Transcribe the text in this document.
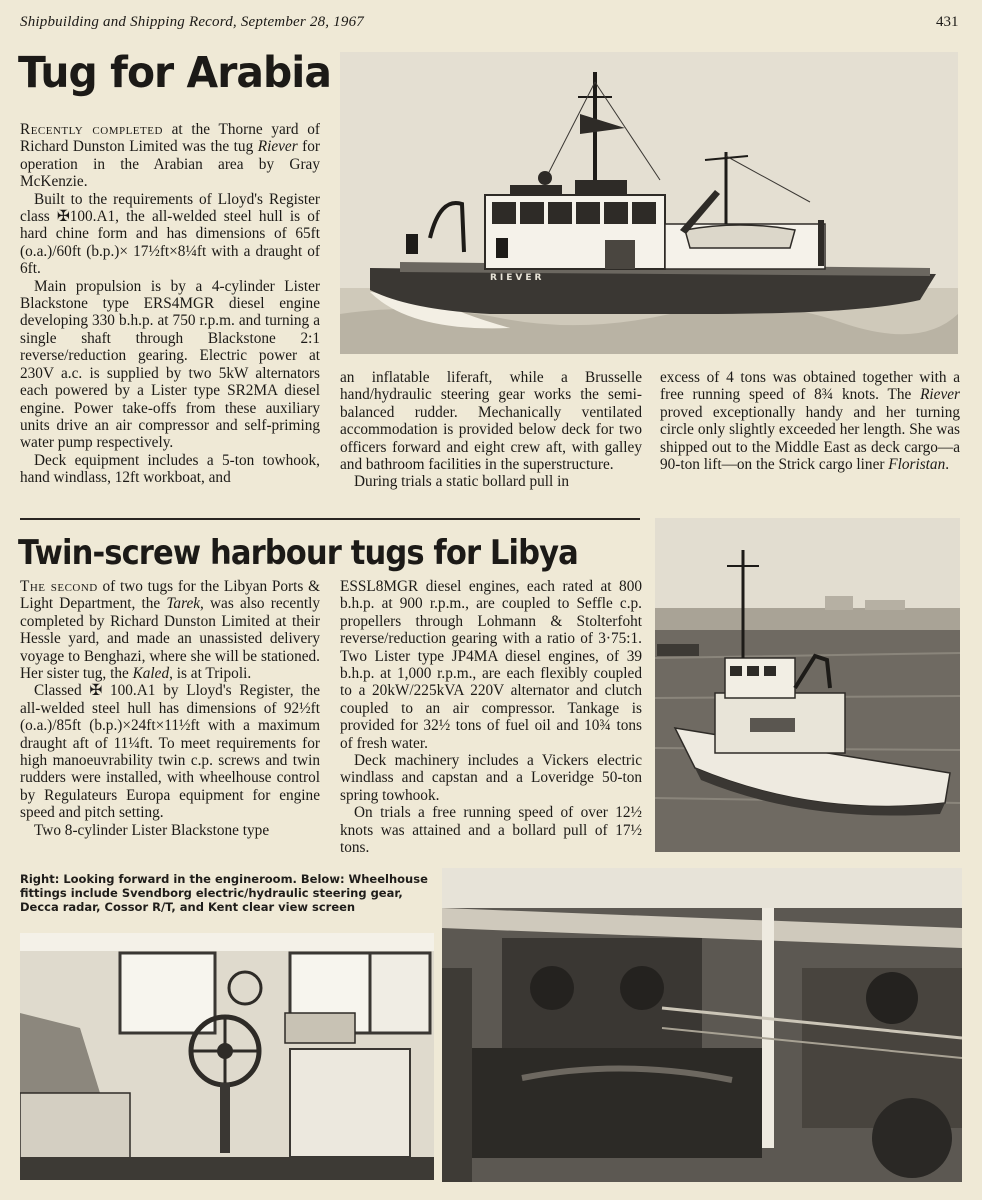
Shipbuilding and Shipping Record, September 28, 1967	431
Tug for Arabia

Recently completed at the Thorne yard of Richard Dunston Limited was the tug Riever for operation in the Arabian area by Gray McKenzie.

Built to the requirements of Lloyd's Register class ✠100.A1, the all-welded steel hull is of hard chine form and has dimensions of 65ft (o.a.)/60ft (b.p.)× 17½ft×8¼ft with a draught of 6ft.

Main propulsion is by a 4-cylinder Lister Blackstone type ERS4MGR diesel engine developing 330 b.h.p. at 750 r.p.m. and turning a single shaft through Blackstone 2:1 reverse/reduction gearing. Electric power at 230V a.c. is supplied by two 5kW alternators each powered by a Lister type SR2MA diesel engine. Power take-offs from these auxiliary units drive an air compressor and self-priming water pump respectively.

Deck equipment includes a 5-ton towhook, hand windlass, 12ft workboat, and

RIEVER

an inflatable liferaft, while a Brusselle hand/hydraulic steering gear works the semi-balanced rudder. Mechanically ventilated accommodation is provided below deck for two officers forward and eight crew aft, with galley and bathroom facilities in the superstructure.

During trials a static bollard pull in

excess of 4 tons was obtained together with a free running speed of 8¾ knots. The Riever proved exceptionally handy and her turning circle only slightly exceeded her length. She was shipped out to the Middle East as deck cargo—a 90-ton lift—on the Strick cargo liner Floristan.

Twin-screw harbour tugs for Libya

The second of two tugs for the Libyan Ports & Light Department, the Tarek, was also recently completed by Richard Dunston Limited at their Hessle yard, and made an unassisted delivery voyage to Benghazi, where she will be stationed. Her sister tug, the Kaled, is at Tripoli.

Classed ✠ 100.A1 by Lloyd's Register, the all-welded steel hull has dimensions of 92½ft (o.a.)/85ft (b.p.)×24ft×11½ft with a maximum draught aft of 11¼ft. To meet requirements for high manoeuvrability twin c.p. screws and twin rudders were installed, with wheelhouse control by Regulateurs Europa equipment for engine speed and pitch setting.

Two 8-cylinder Lister Blackstone type

ESSL8MGR diesel engines, each rated at 800 b.h.p. at 900 r.p.m., are coupled to Seffle c.p. propellers through Lohmann & Stolterfoht reverse/reduction gearing with a ratio of 3·75:1. Two Lister type JP4MA diesel engines, of 39 b.h.p. at 1,000 r.p.m., are each flexibly coupled to a 20kW/225kVA 220V alternator and clutch coupled to an air compressor. Tankage is provided for 32½ tons of fuel oil and 10¾ tons of fresh water.

Deck machinery includes a Vickers electric windlass and capstan and a Loveridge 50-ton spring towhook.

On trials a free running speed of over 12½ knots was attained and a bollard pull of 17½ tons.

Right: Looking forward in the engineroom. Below: Wheelhouse fittings include Svendborg electric/hydraulic steering gear, Decca radar, Cossor R/T, and Kent clear view screen
